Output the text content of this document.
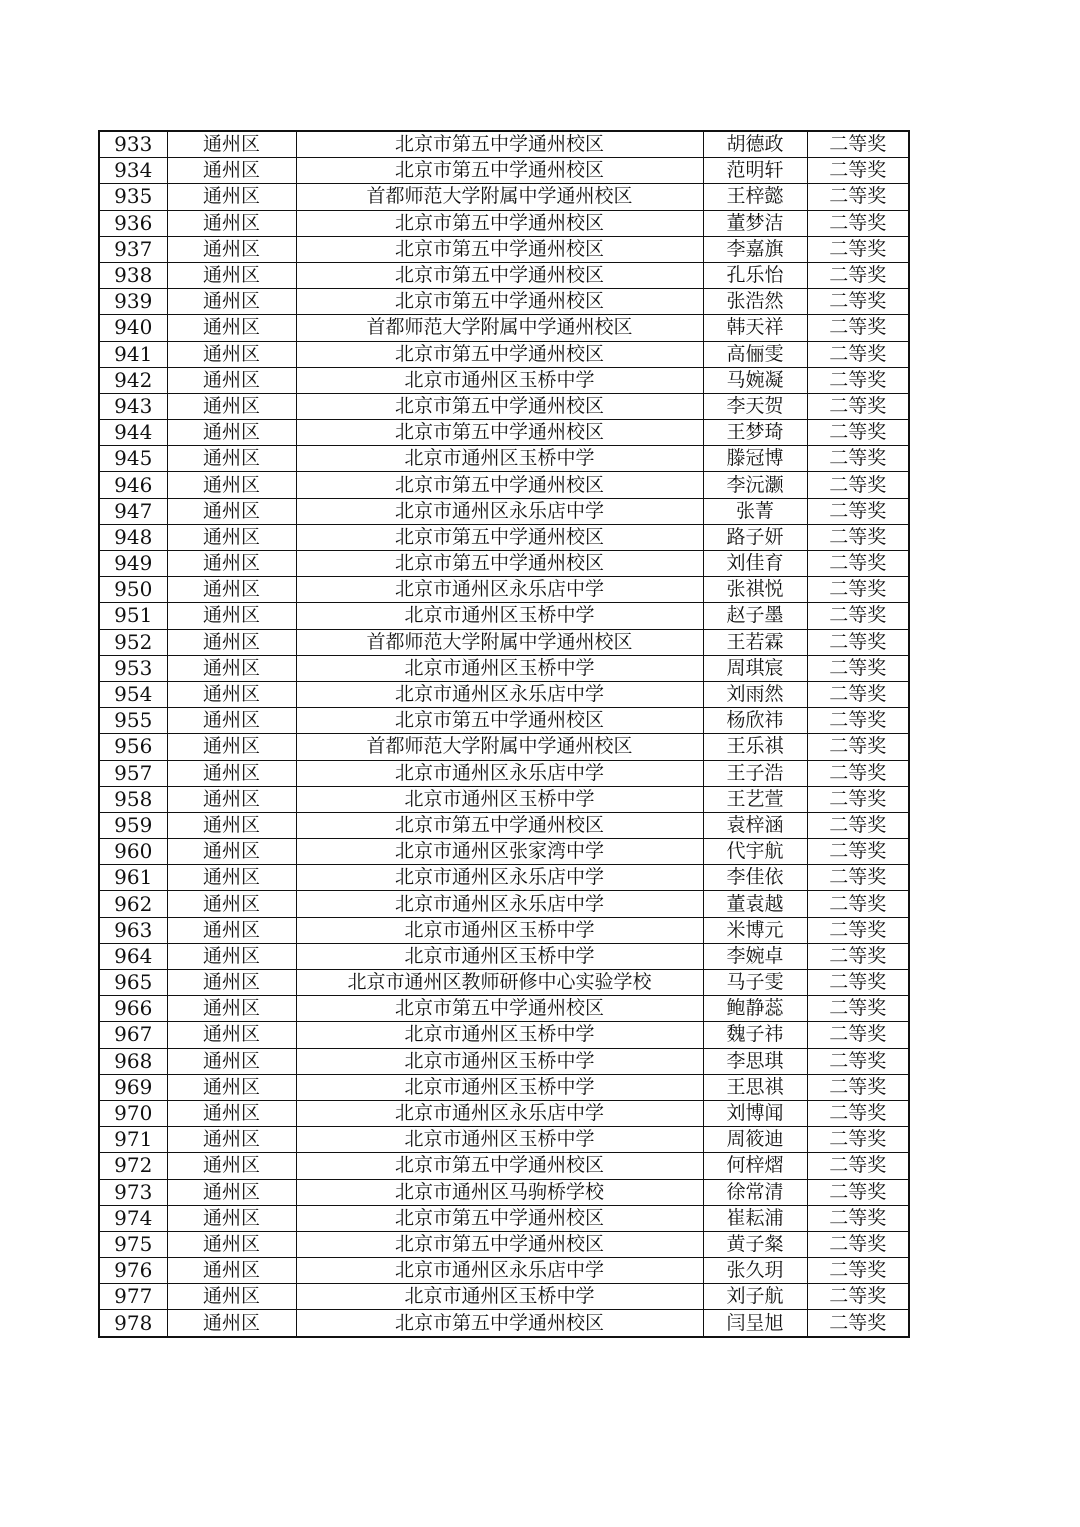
933	通州区	北京市第五中学通州校区	胡德政	二等奖
934	通州区	北京市第五中学通州校区	范明轩	二等奖
935	通州区	首都师范大学附属中学通州校区	王梓懿	二等奖
936	通州区	北京市第五中学通州校区	董梦洁	二等奖
937	通州区	北京市第五中学通州校区	李嘉旗	二等奖
938	通州区	北京市第五中学通州校区	孔乐怡	二等奖
939	通州区	北京市第五中学通州校区	张浩然	二等奖
940	通州区	首都师范大学附属中学通州校区	韩天祥	二等奖
941	通州区	北京市第五中学通州校区	高俪雯	二等奖
942	通州区	北京市通州区玉桥中学	马婉凝	二等奖
943	通州区	北京市第五中学通州校区	李天贺	二等奖
944	通州区	北京市第五中学通州校区	王梦琦	二等奖
945	通州区	北京市通州区玉桥中学	滕冠博	二等奖
946	通州区	北京市第五中学通州校区	李沅灏	二等奖
947	通州区	北京市通州区永乐店中学	张菁	二等奖
948	通州区	北京市第五中学通州校区	路子妍	二等奖
949	通州区	北京市第五中学通州校区	刘佳育	二等奖
950	通州区	北京市通州区永乐店中学	张祺悦	二等奖
951	通州区	北京市通州区玉桥中学	赵子墨	二等奖
952	通州区	首都师范大学附属中学通州校区	王若霖	二等奖
953	通州区	北京市通州区玉桥中学	周琪宸	二等奖
954	通州区	北京市通州区永乐店中学	刘雨然	二等奖
955	通州区	北京市第五中学通州校区	杨欣祎	二等奖
956	通州区	首都师范大学附属中学通州校区	王乐祺	二等奖
957	通州区	北京市通州区永乐店中学	王子浩	二等奖
958	通州区	北京市通州区玉桥中学	王艺萱	二等奖
959	通州区	北京市第五中学通州校区	袁梓涵	二等奖
960	通州区	北京市通州区张家湾中学	代宇航	二等奖
961	通州区	北京市通州区永乐店中学	李佳依	二等奖
962	通州区	北京市通州区永乐店中学	董袁越	二等奖
963	通州区	北京市通州区玉桥中学	米博元	二等奖
964	通州区	北京市通州区玉桥中学	李婉卓	二等奖
965	通州区	北京市通州区教师研修中心实验学校	马子雯	二等奖
966	通州区	北京市第五中学通州校区	鲍静蕊	二等奖
967	通州区	北京市通州区玉桥中学	魏子祎	二等奖
968	通州区	北京市通州区玉桥中学	李思琪	二等奖
969	通州区	北京市通州区玉桥中学	王思祺	二等奖
970	通州区	北京市通州区永乐店中学	刘博闻	二等奖
971	通州区	北京市通州区玉桥中学	周筱迪	二等奖
972	通州区	北京市第五中学通州校区	何梓熠	二等奖
973	通州区	北京市通州区马驹桥学校	徐常清	二等奖
974	通州区	北京市第五中学通州校区	崔耘浦	二等奖
975	通州区	北京市第五中学通州校区	黄子粲	二等奖
976	通州区	北京市通州区永乐店中学	张久玥	二等奖
977	通州区	北京市通州区玉桥中学	刘子航	二等奖
978	通州区	北京市第五中学通州校区	闫呈旭	二等奖
